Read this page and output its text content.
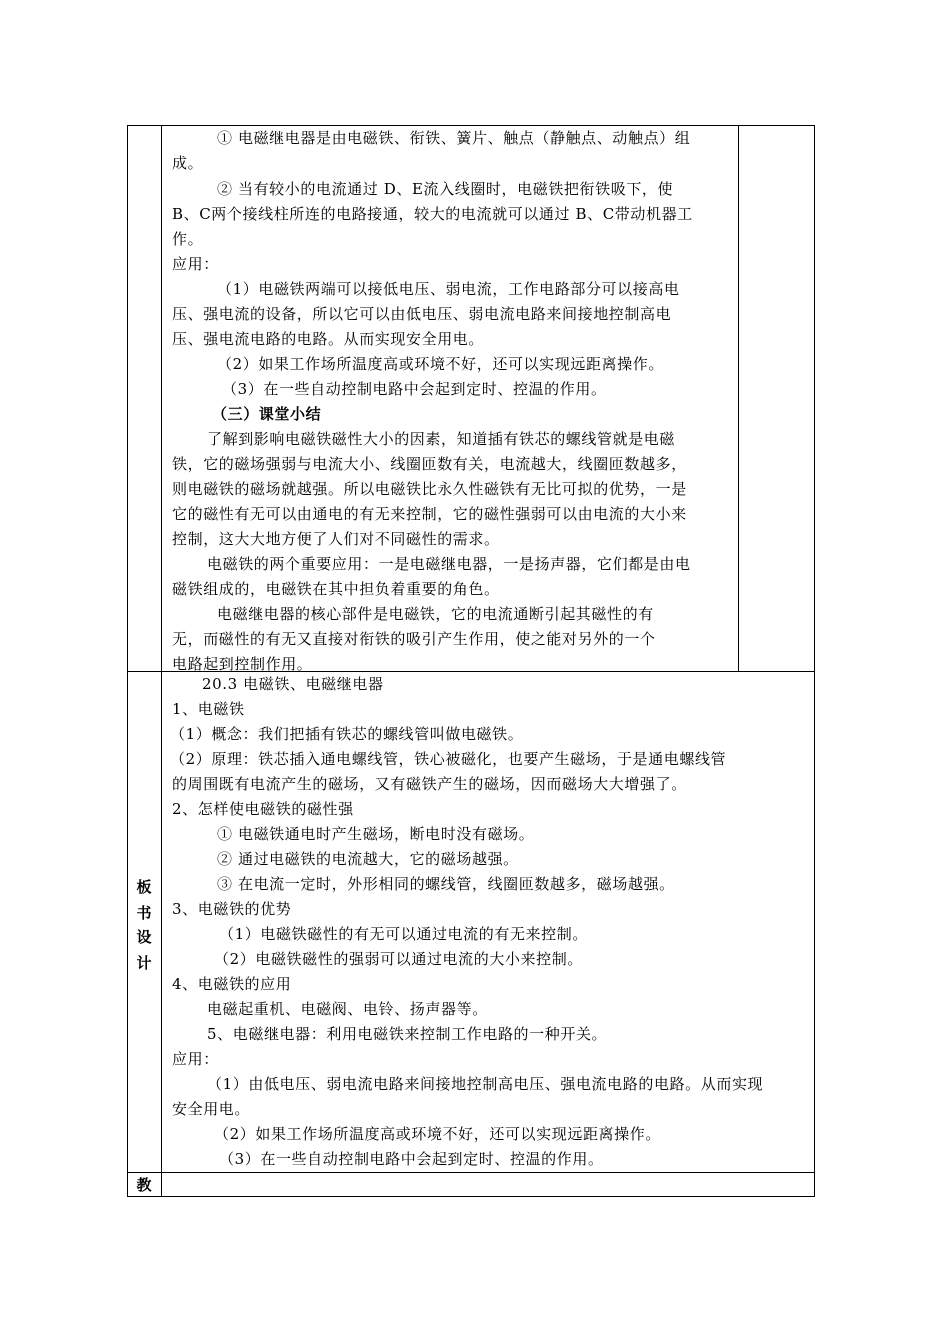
① 电磁继电器是由电磁铁、衔铁、簧片、触点（静触点、动触点）组
成。
② 当有较小的电流通过 D、E流入线圈时，电磁铁把衔铁吸下，使
B、C两个接线柱所连的电路接通，较大的电流就可以通过 B、C带动机器工
作。
应用：
（1）电磁铁两端可以接低电压、弱电流，工作电路部分可以接高电
压、强电流的设备，所以它可以由低电压、弱电流电路来间接地控制高电
压、强电流电路的电路。从而实现安全用电。
（2）如果工作场所温度高或环境不好，还可以实现远距离操作。
（3）在一些自动控制电路中会起到定时、控温的作用。
（三）课堂小结
了解到影响电磁铁磁性大小的因素，知道插有铁芯的螺线管就是电磁
铁，它的磁场强弱与电流大小、线圈匝数有关，电流越大，线圈匝数越多，
则电磁铁的磁场就越强。所以电磁铁比永久性磁铁有无比可拟的优势，一是
它的磁性有无可以由通电的有无来控制，它的磁性强弱可以由电流的大小来
控制，这大大地方便了人们对不同磁性的需求。
电磁铁的两个重要应用：一是电磁继电器，一是扬声器，它们都是由电
磁铁组成的，电磁铁在其中担负着重要的角色。
电磁继电器的核心部件是电磁铁，它的电流通断引起其磁性的有
无，而磁性的有无又直接对衔铁的吸引产生作用，使之能对另外的一个
电路起到控制作用。
板
书
设
计
20.3 电磁铁、电磁继电器
1、电磁铁
（1）概念：我们把插有铁芯的螺线管叫做电磁铁。
（2）原理：铁芯插入通电螺线管，铁心被磁化，也要产生磁场，于是通电螺线管
的周围既有电流产生的磁场，又有磁铁产生的磁场，因而磁场大大增强了。
2、怎样使电磁铁的磁性强
① 电磁铁通电时产生磁场，断电时没有磁场。
② 通过电磁铁的电流越大，它的磁场越强。
③ 在电流一定时，外形相同的螺线管，线圈匝数越多，磁场越强。
3、电磁铁的优势
（1）电磁铁磁性的有无可以通过电流的有无来控制。
（2）电磁铁磁性的强弱可以通过电流的大小来控制。
4、电磁铁的应用
电磁起重机、电磁阀、电铃、扬声器等。
5、电磁继电器：利用电磁铁来控制工作电路的一种开关。
应用：
（1）由低电压、弱电流电路来间接地控制高电压、强电流电路的电路。从而实现
安全用电。
（2）如果工作场所温度高或环境不好，还可以实现远距离操作。
（3）在一些自动控制电路中会起到定时、控温的作用。
教
